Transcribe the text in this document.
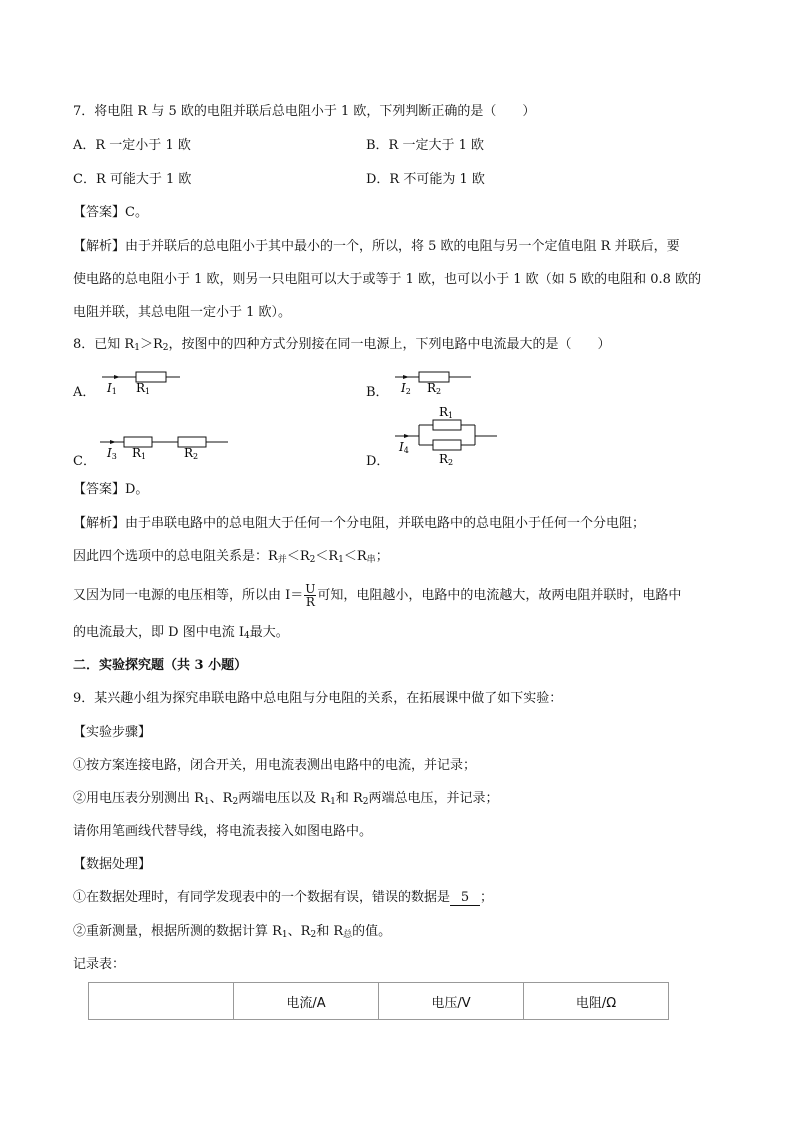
7．将电阻 R 与 5 欧的电阻并联后总电阻小于 1 欧，下列判断正确的是（　　）
A．R 一定小于 1 欧	B．R 一定大于 1 欧
C．R 可能大于 1 欧	D．R 不可能为 1 欧
【答案】C。
【解析】由于并联后的总电阻小于其中最小的一个，所以，将 5 欧的电阻与另一个定值电阻 R 并联后，要
使电路的总电阻小于 1 欧，则另一只电阻可以大于或等于 1 欧，也可以小于 1 欧（如 5 欧的电阻和 0.8 欧的
电阻并联，其总电阻一定小于 1 欧）。
8．已知 $R_1>R_2$，按图中的四种方式分别接在同一电源上，下列电路中电流最大的是（　　）
A． I1 R1	B． I2 R2
C．
I3 R1	R2	D．
R1
R2
I4
【答案】D。
【解析】由于串联电路中的总电阻大于任何一个分电阻，并联电路中的总电阻小于任何一个分电阻；
因此四个选项中的总电阻关系是：$R_并<R_2<R_1<R_串$；
又因为同一电源的电压相等，所以由 $I= \frac{U}{R}$ 可知，电阻越小，电路中的电流越大，故两电阻并联时，电路中
的电流最大，即 D 图中电流 $I_4$最大。
二．实验探究题（共 3 小题）
9．某兴趣小组为探究串联电路中总电阻与分电阻的关系，在拓展课中做了如下实验：
【实验步骤】
①按方案连接电路，闭合开关，用电流表测出电路中的电流，并记录；
②用电压表分别测出 $R_1$、$R_2$两端电压以及 $R_1$和 $R_2$两端总电压，并记录；
请你用笔画线代替导线，将电流表接入如图电路中。
【数据处理】
①在数据处理时，有同学发现表中的一个数据有误，错误的数据是 5 ；
②重新测量，根据所测的数据计算 $R_1$、$R_2$和 $R_总$的值。
记录表：
	电流/A	电压/V	电阻/Ω
